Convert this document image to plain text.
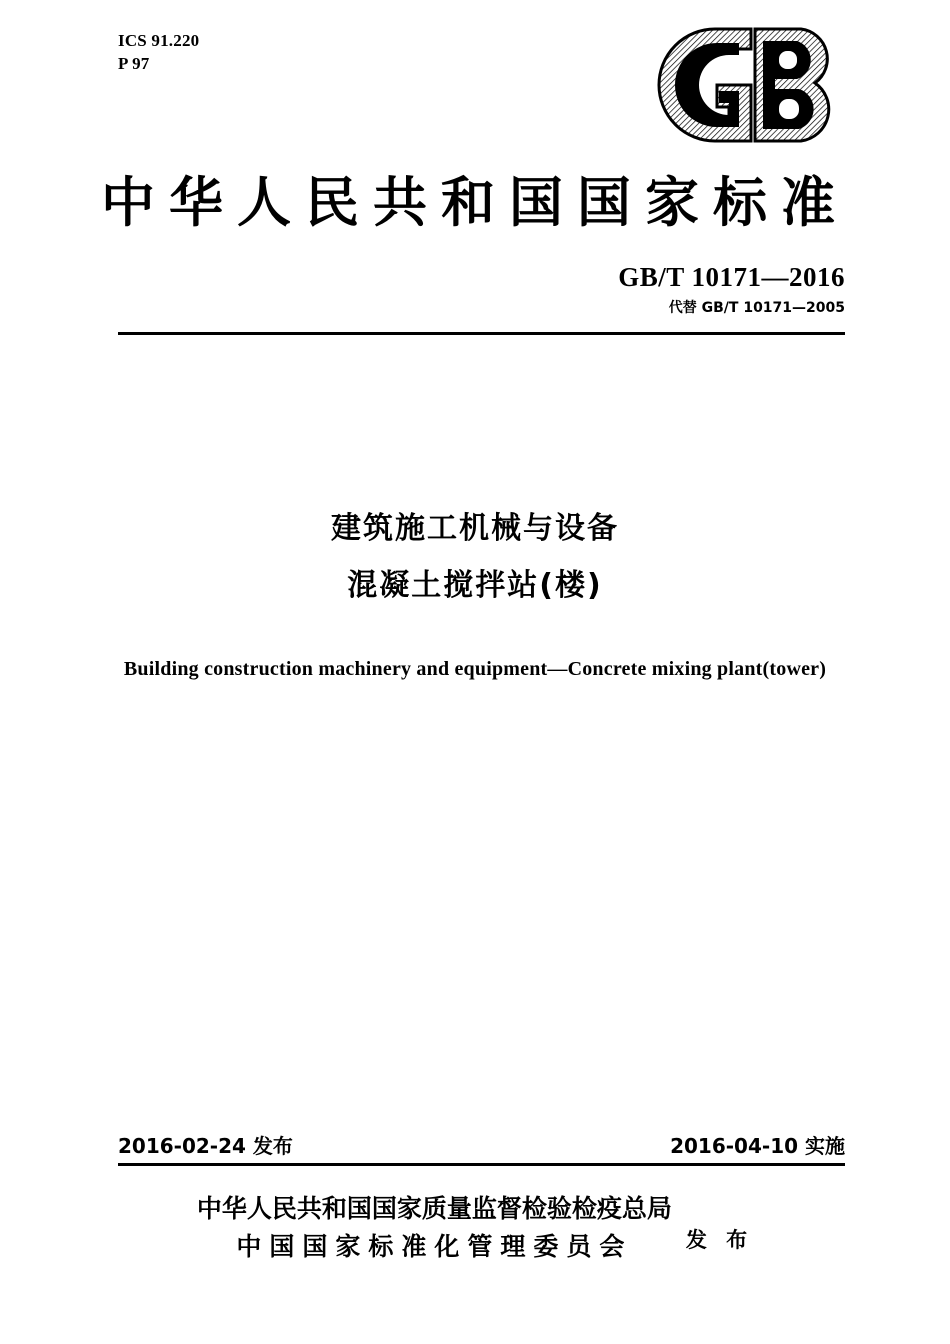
ICS 91.220
P 97
中华人民共和国国家标准
GB/T 10171—2016
代替 GB/T 10171—2005
建筑施工机械与设备
混凝土搅拌站(楼)
Building construction machinery and equipment—Concrete mixing plant(tower)
2016-02-24 发布	2016-04-10 实施
中华人民共和国国家质量监督检验检疫总局
中国国家标准化管理委员会	发 布
